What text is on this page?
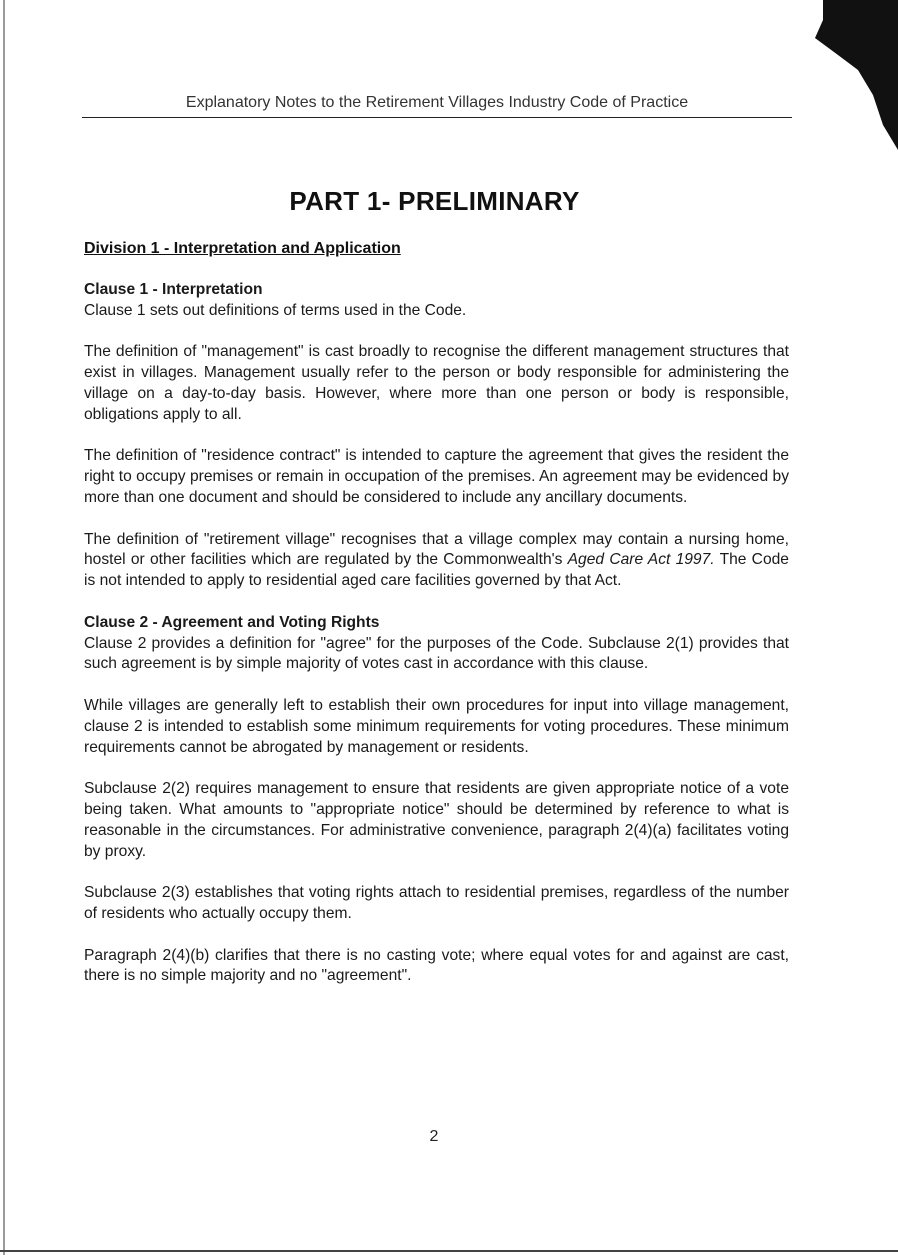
Explanatory Notes to the Retirement Villages Industry Code of Practice
PART 1- PRELIMINARY
Division 1 - Interpretation and Application

Clause 1 - Interpretation
Clause 1 sets out definitions of terms used in the Code.

The definition of "management" is cast broadly to recognise the different management structures that exist in villages. Management usually refer to the person or body responsible for administering the village on a day-to-day basis. However, where more than one person or body is responsible, obligations apply to all.

The definition of "residence contract" is intended to capture the agreement that gives the resident the right to occupy premises or remain in occupation of the premises. An agreement may be evidenced by more than one document and should be considered to include any ancillary documents.

The definition of "retirement village" recognises that a village complex may contain a nursing home, hostel or other facilities which are regulated by the Commonwealth's Aged Care Act 1997. The Code is not intended to apply to residential aged care facilities governed by that Act.

Clause 2 - Agreement and Voting Rights
Clause 2 provides a definition for "agree" for the purposes of the Code. Subclause 2(1) provides that such agreement is by simple majority of votes cast in accordance with this clause.

While villages are generally left to establish their own procedures for input into village management, clause 2 is intended to establish some minimum requirements for voting procedures. These minimum requirements cannot be abrogated by management or residents.

Subclause 2(2) requires management to ensure that residents are given appropriate notice of a vote being taken. What amounts to "appropriate notice" should be determined by reference to what is reasonable in the circumstances. For administrative convenience, paragraph 2(4)(a) facilitates voting by proxy.

Subclause 2(3) establishes that voting rights attach to residential premises, regardless of the number of residents who actually occupy them.

Paragraph 2(4)(b) clarifies that there is no casting vote; where equal votes for and against are cast, there is no simple majority and no "agreement".

2
